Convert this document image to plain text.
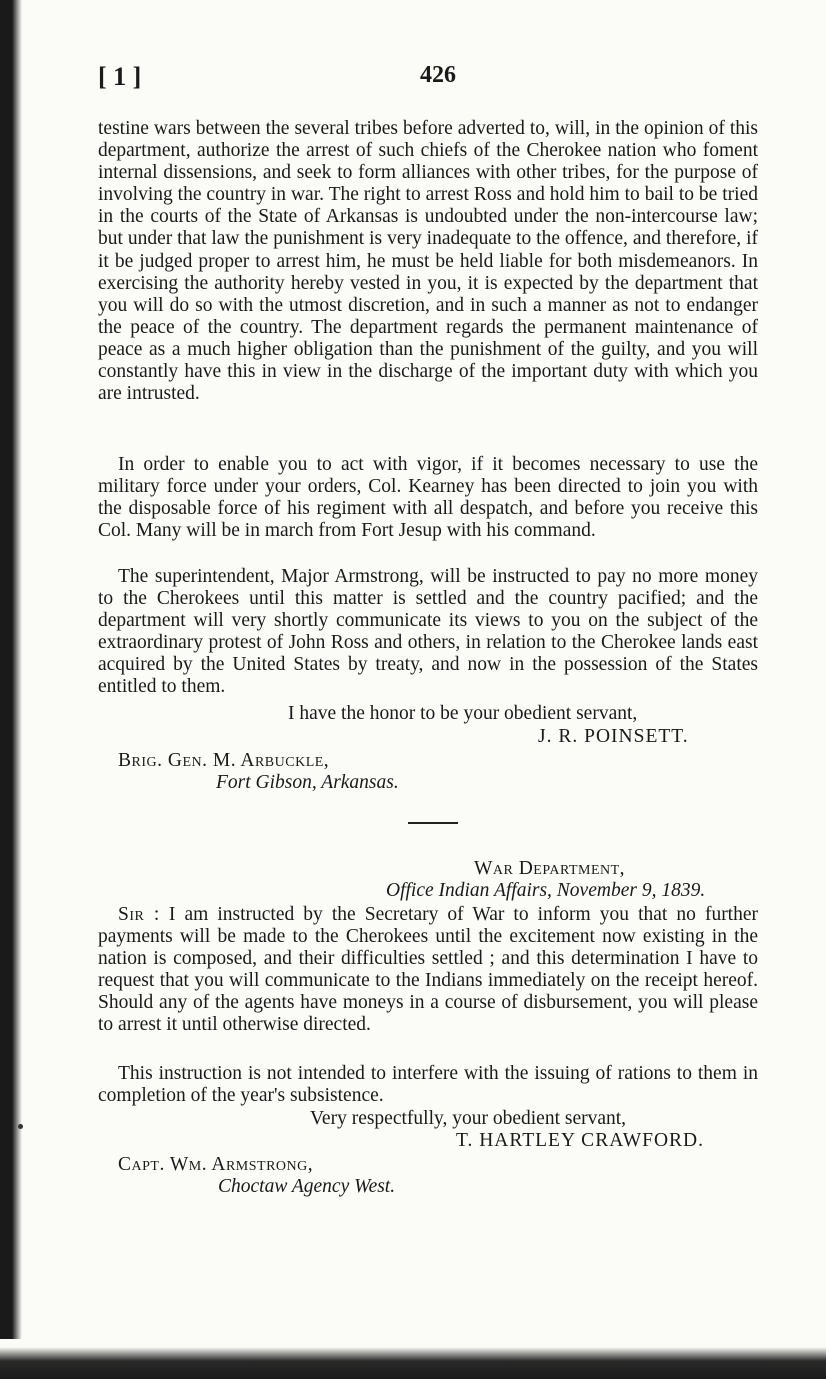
[ 1 ]	426

testine wars between the several tribes before adverted to, will, in the opinion of this department, authorize the arrest of such chiefs of the Cherokee nation who foment internal dissensions, and seek to form alliances with other tribes, for the purpose of involving the country in war. The right to arrest Ross and hold him to bail to be tried in the courts of the State of Arkansas is undoubted under the non-intercourse law; but under that law the punishment is very inadequate to the offence, and therefore, if it be judged proper to arrest him, he must be held liable for both misdemeanors. In exercising the authority hereby vested in you, it is expected by the department that you will do so with the utmost discretion, and in such a manner as not to endanger the peace of the country. The department regards the permanent maintenance of peace as a much higher obligation than the punishment of the guilty, and you will constantly have this in view in the discharge of the important duty with which you are intrusted.

In order to enable you to act with vigor, if it becomes necessary to use the military force under your orders, Col. Kearney has been directed to join you with the disposable force of his regiment with all despatch, and before you receive this Col. Many will be in march from Fort Jesup with his command.

The superintendent, Major Armstrong, will be instructed to pay no more money to the Cherokees until this matter is settled and the country pacified; and the department will very shortly communicate its views to you on the subject of the extraordinary protest of John Ross and others, in relation to the Cherokee lands east acquired by the United States by treaty, and now in the possession of the States entitled to them.

I have the honor to be your obedient servant,
J. R. POINSETT.
Brig. Gen. M. Arbuckle,
Fort Gibson, Arkansas.
War Department,
Office Indian Affairs, November 9, 1839.

Sir : I am instructed by the Secretary of War to inform you that no further payments will be made to the Cherokees until the excitement now existing in the nation is composed, and their difficulties settled ; and this determination I have to request that you will communicate to the Indians immediately on the receipt hereof. Should any of the agents have moneys in a course of disbursement, you will please to arrest it until otherwise directed.

This instruction is not intended to interfere with the issuing of rations to them in completion of the year's subsistence.

Very respectfully, your obedient servant,
T. HARTLEY CRAWFORD.
Capt. Wm. Armstrong,
Choctaw Agency West.
